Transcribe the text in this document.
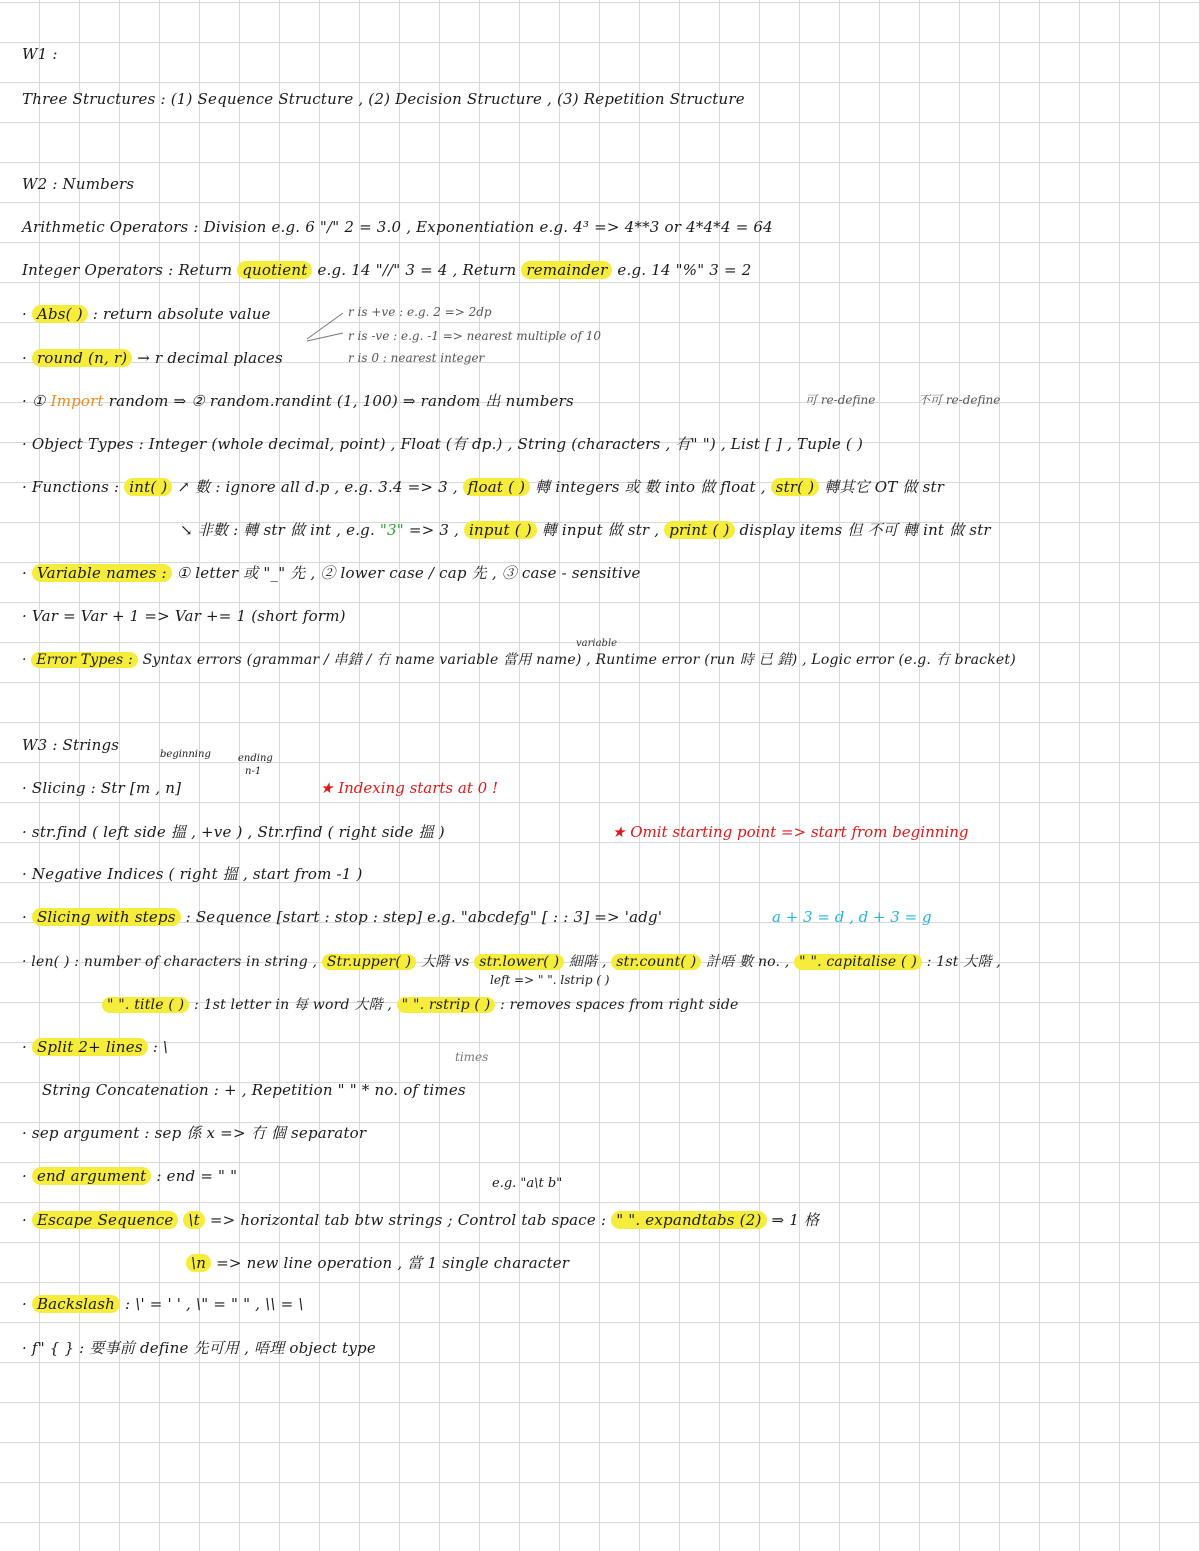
W1 :
Three Structures : (1) Sequence Structure , (2) Decision Structure , (3) Repetition Structure
W2 : Numbers
Arithmetic Operators : Division e.g. 6 "/" 2 = 3.0 , Exponentiation e.g. 4³ => 4**3 or 4*4*4 = 64
Integer Operators : Return quotient e.g. 14 "//" 3 = 4 , Return remainder e.g. 14 "%" 3 = 2
· Abs( ) : return absolute value
· round (n, r) → r decimal places
r is +ve : e.g. 2 => 2dp
r is -ve : e.g. -1 => nearest multiple of 10
r is 0 : nearest integer
· ① Import random ⇒ ② random.randint (1, 100) ⇒ random 出 numbers	可 re-define	不可 re-define
· Object Types : Integer (whole decimal, point) , Float (有 dp.) , String (characters , 有" ") , List [ ] , Tuple ( )
· Functions : int( ) ↗ 數 : ignore all d.p , e.g. 3.4 => 3 , float ( ) 轉 integers 或 數 into 做 float , str( ) 轉其它 OT 做 str
↘ 非數 : 轉 str 做 int , e.g. "3" => 3 , input ( ) 轉 input 做 str , print ( ) display items 但 不可 轉 int 做 str
· Variable names : ① letter 或 "_" 先 , ② lower case / cap 先 , ③ case - sensitive
· Var = Var + 1 => Var += 1 (short form)
variable
· Error Types : Syntax errors (grammar / 串錯 / 冇 name variable 當用 name) , Runtime error (run 時 已 錯) , Logic error (e.g. 冇 bracket)
W3 : Strings
beginning	ending
n-1
· Slicing : Str [m , n]	★ Indexing starts at 0 !
· str.find ( left side 搵 , +ve ) , Str.rfind ( right side 搵 )	★ Omit starting point => start from beginning
· Negative Indices ( right 搵 , start from -1 )
· Slicing with steps : Sequence [start : stop : step] e.g. "abcdefg" [ : : 3] => 'adg'	a + 3 = d , d + 3 = g
· len( ) : number of characters in string , Str.upper( ) 大階 vs str.lower( ) 細階 , str.count( ) 計唔 數 no. , " ". capitalise ( ) : 1st 大階 ,
left => " ". lstrip ( )
" ". title ( ) : 1st letter in 每 word 大階 , " ". rstrip ( ) : removes spaces from right side
· Split 2+ lines : \
times
String Concatenation : + , Repetition " " * no. of times
· sep argument : sep 係 x => 冇 個 separator
· end argument : end = " "	e.g. "a\t b"
· Escape Sequence \t => horizontal tab btw strings ; Control tab space : " ". expandtabs (2) ⇒ 1 格
\n => new line operation , 當 1 single character
· Backslash : \' = ' ' , \" = " " , \\ = \
· f" { } : 要事前 define 先可用 , 唔理 object type
